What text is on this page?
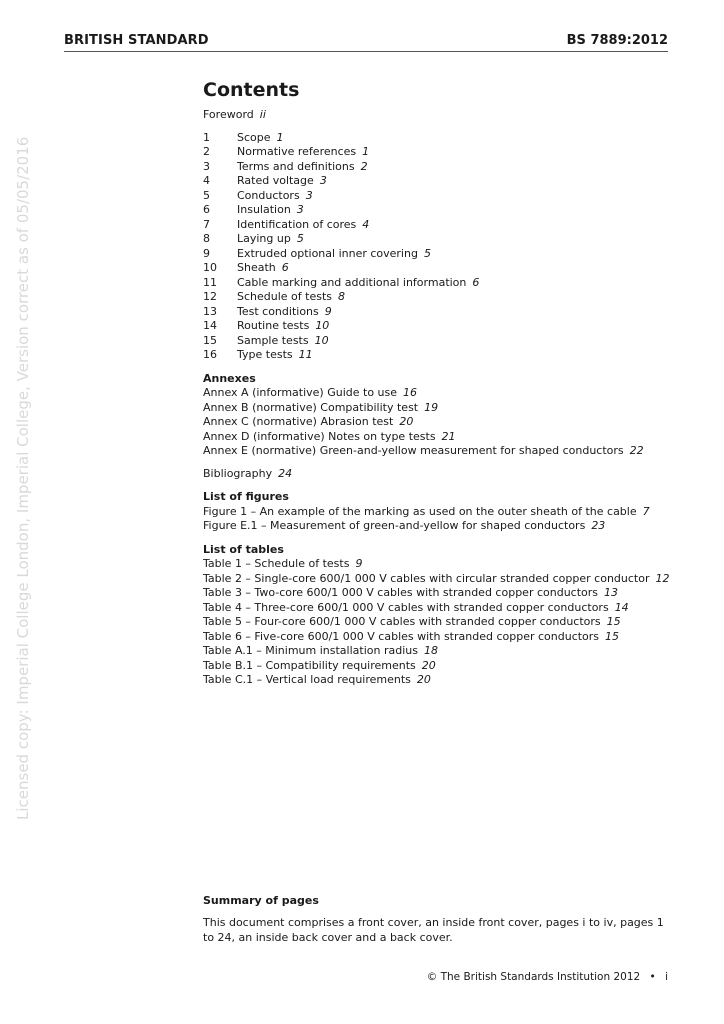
BRITISH STANDARD	BS 7889:2012
Licensed copy: Imperial College London, Imperial College, Version correct as of 05/05/2016
Contents
Foreword ii
1	Scope 1
2	Normative references 1
3	Terms and definitions 2
4	Rated voltage 3
5	Conductors 3
6	Insulation 3
7	Identification of cores 4
8	Laying up 5
9	Extruded optional inner covering 5
10	Sheath 6
11	Cable marking and additional information 6
12	Schedule of tests 8
13	Test conditions 9
14	Routine tests 10
15	Sample tests 10
16	Type tests 11
Annexes
Annex A (informative) Guide to use 16
Annex B (normative) Compatibility test 19
Annex C (normative) Abrasion test 20
Annex D (informative) Notes on type tests 21
Annex E (normative) Green-and-yellow measurement for shaped conductors 22
Bibliography 24
List of figures
Figure 1 – An example of the marking as used on the outer sheath of the cable 7
Figure E.1 – Measurement of green-and-yellow for shaped conductors 23
List of tables
Table 1 – Schedule of tests 9
Table 2 – Single-core 600/1 000 V cables with circular stranded copper conductor 12
Table 3 – Two-core 600/1 000 V cables with stranded copper conductors 13
Table 4 – Three-core 600/1 000 V cables with stranded copper conductors 14
Table 5 – Four-core 600/1 000 V cables with stranded copper conductors 15
Table 6 – Five-core 600/1 000 V cables with stranded copper conductors 15
Table A.1 – Minimum installation radius 18
Table B.1 – Compatibility requirements 20
Table C.1 – Vertical load requirements 20
Summary of pages
This document comprises a front cover, an inside front cover, pages i to iv, pages 1 to 24, an inside back cover and a back cover.
© The British Standards Institution 2012 • i
